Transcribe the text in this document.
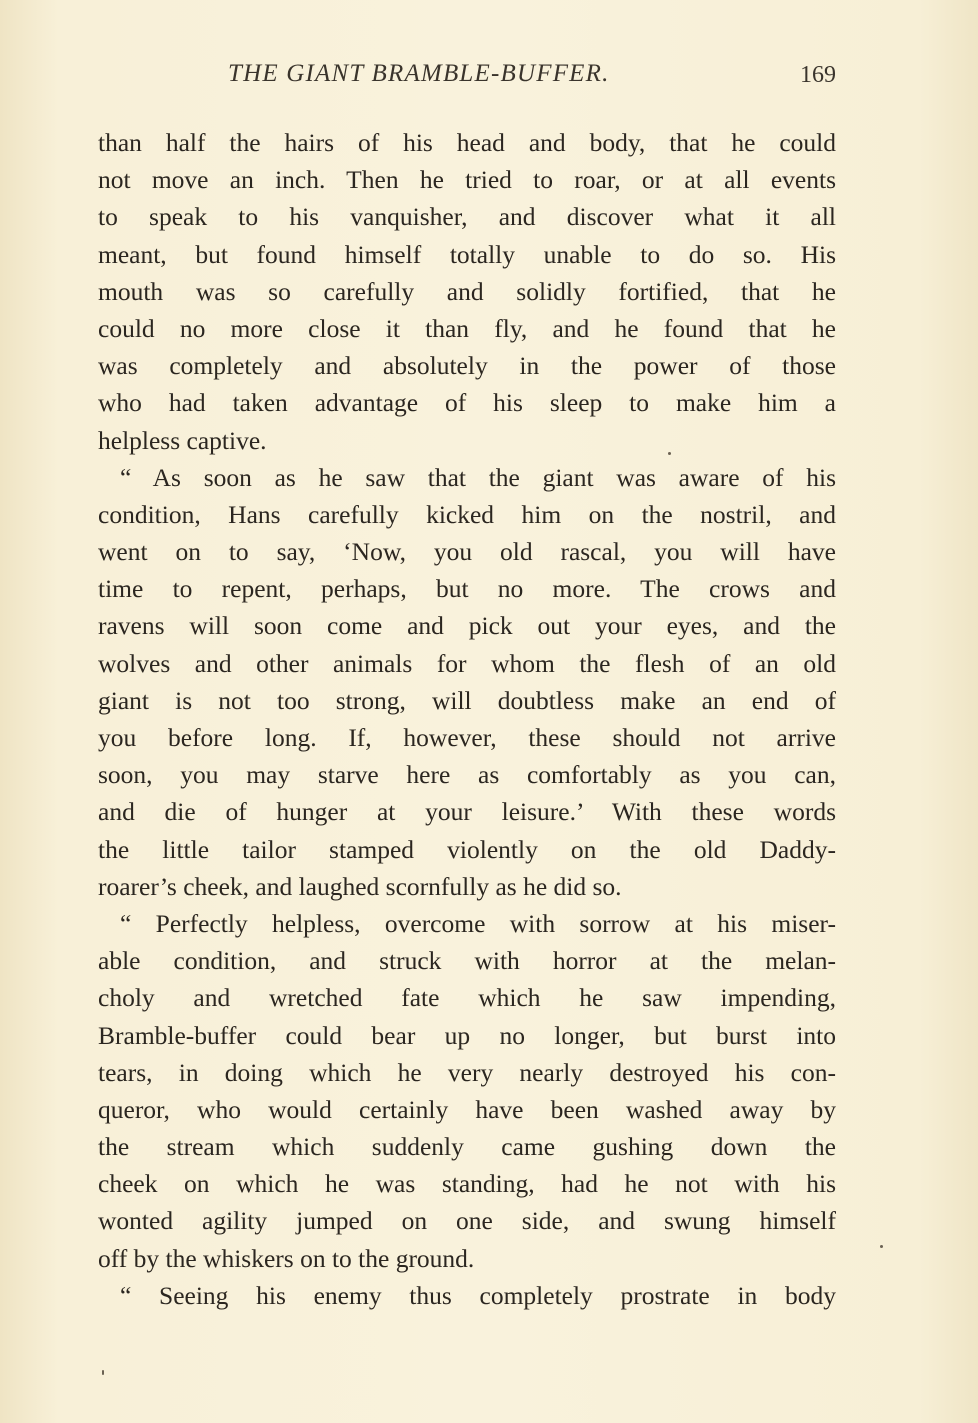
THE GIANT BRAMBLE-BUFFER.	169
than half the hairs of his head and body, that he could
not move an inch. Then he tried to roar, or at all events
to speak to his vanquisher, and discover what it all
meant, but found himself totally unable to do so. His
mouth was so carefully and solidly fortified, that he
could no more close it than fly, and he found that he
was completely and absolutely in the power of those
who had taken advantage of his sleep to make him a
helpless captive.
“ As soon as he saw that the giant was aware of his
condition, Hans carefully kicked him on the nostril, and
went on to say, ‘Now, you old rascal, you will have
time to repent, perhaps, but no more. The crows and
ravens will soon come and pick out your eyes, and the
wolves and other animals for whom the flesh of an old
giant is not too strong, will doubtless make an end of
you before long. If, however, these should not arrive
soon, you may starve here as comfortably as you can,
and die of hunger at your leisure.’ With these words
the little tailor stamped violently on the old Daddy-
roarer’s cheek, and laughed scornfully as he did so.
“ Perfectly helpless, overcome with sorrow at his miser-
able condition, and struck with horror at the melan-
choly and wretched fate which he saw impending,
Bramble-buffer could bear up no longer, but burst into
tears, in doing which he very nearly destroyed his con-
queror, who would certainly have been washed away by
the stream which suddenly came gushing down the
cheek on which he was standing, had he not with his
wonted agility jumped on one side, and swung himself
off by the whiskers on to the ground.
“ Seeing his enemy thus completely prostrate in body
